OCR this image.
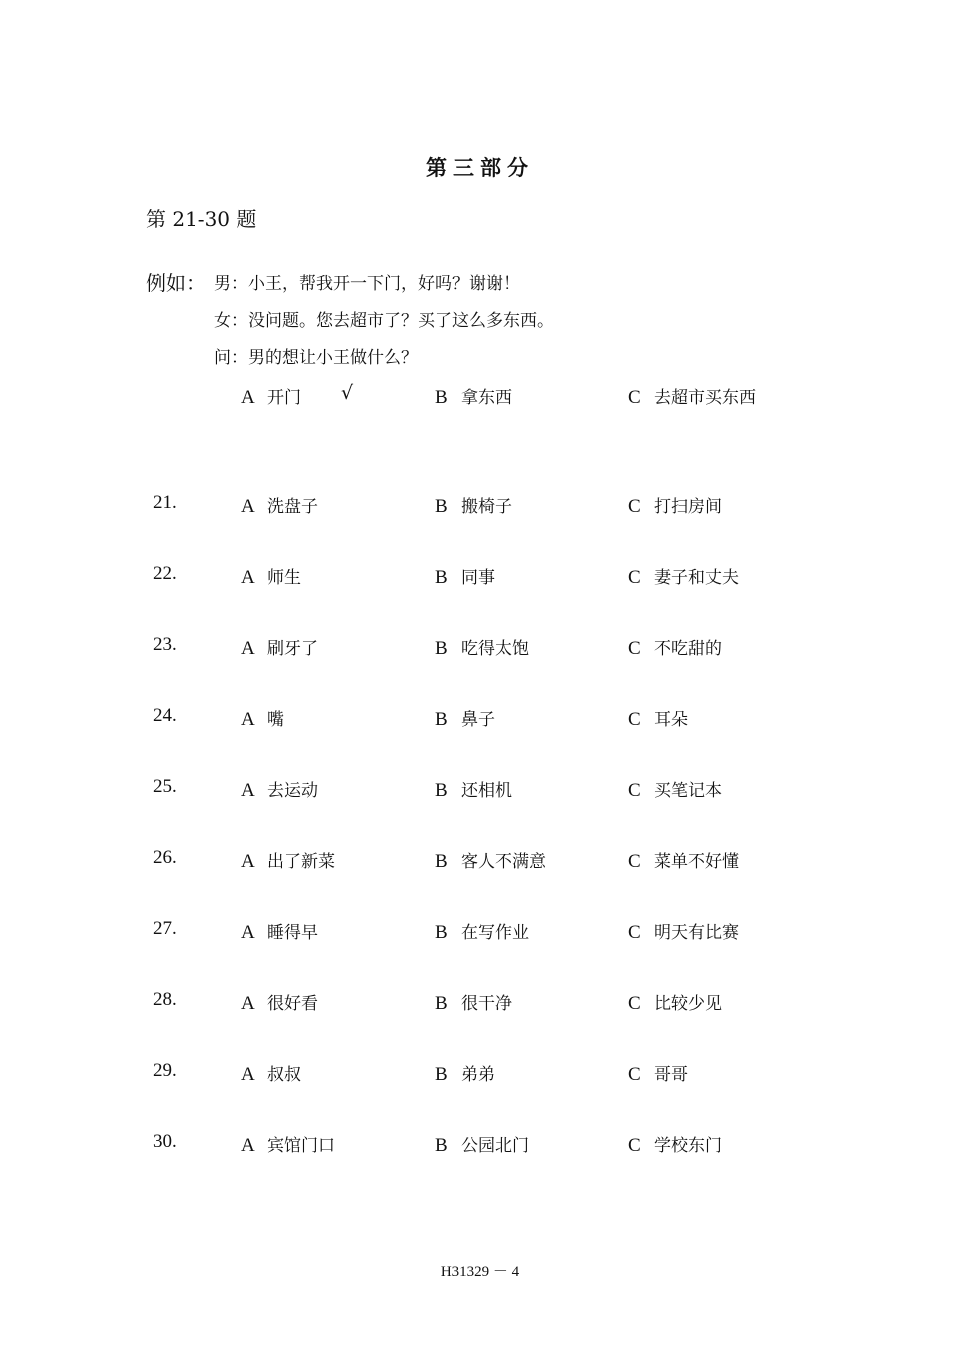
第三部分
第 21-30 题
例如： 男：小王，帮我开一下门，好吗？谢谢！
女：没问题。您去超市了？买了这么多东西。
问：男的想让小王做什么？
A 开门 √	B 拿东西	C 去超市买东西
21.	A 洗盘子	B 搬椅子	C 打扫房间
22.	A 师生	B 同事	C 妻子和丈夫
23.	A 刷牙了	B 吃得太饱	C 不吃甜的
24.	A 嘴	B 鼻子	C 耳朵
25.	A 去运动	B 还相机	C 买笔记本
26.	A 出了新菜	B 客人不满意	C 菜单不好懂
27.	A 睡得早	B 在写作业	C 明天有比赛
28.	A 很好看	B 很干净	C 比较少见
29.	A 叔叔	B 弟弟	C 哥哥
30.	A 宾馆门口	B 公园北门	C 学校东门
H31329 － 4
